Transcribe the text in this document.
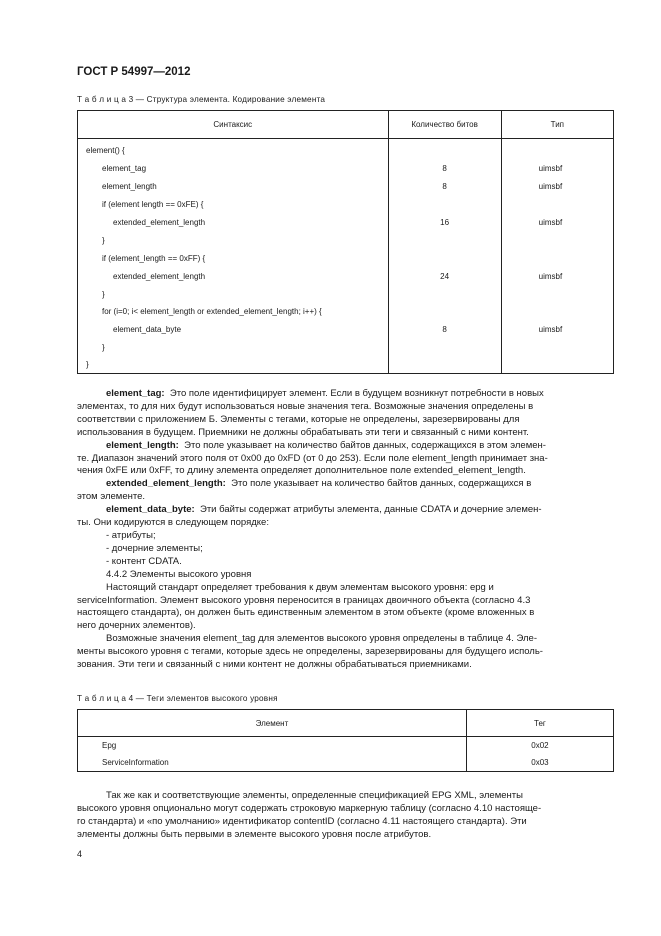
ГОСТ Р 54997—2012
Т а б л и ц а 3 — Структура элемента. Кодирование элемента
Синтаксис	Количество битов	Тип
element() {		
element_tag	8	uimsbf
element_length	8	uimsbf
if (element length == 0xFE) {		
extended_element_length	16	uimsbf
}		
if (element_length == 0xFF) {		
extended_element_length	24	uimsbf
}		
for (i=0; i< element_length or extended_element_length; i++) {		
element_data_byte	8	uimsbf
}		
}		
element_tag: Это поле идентифицирует элемент. Если в будущем возникнут потребности в новых
элементах, то для них будут использоваться новые значения тега. Возможные значения определены в
соответствии с приложением Б. Элементы с тегами, которые не определены, зарезервированы для
использования в будущем. Приемники не должны обрабатывать эти теги и связанный с ними контент.
element_length: Это поле указывает на количество байтов данных, содержащихся в этом элемен-
те. Диапазон значений этого поля от 0x00 до 0xFD (от 0 до 253). Если поле element_length принимает зна-
чения 0xFE или 0xFF, то длину элемента определяет дополнительное поле extended_element_length.
extended_element_length: Это поле указывает на количество байтов данных, содержащихся в
этом элементе.
element_data_byte: Эти байты содержат атрибуты элемента, данные CDATA и дочерние элемен-
ты. Они кодируются в следующем порядке:
- атрибуты;
- дочерние элементы;
- контент CDATA.
4.4.2 Элементы высокого уровня
Настоящий стандарт определяет требования к двум элементам высокого уровня: epg и
serviceInformation. Элемент высокого уровня переносится в границах двоичного объекта (согласно 4.3
настоящего стандарта), он должен быть единственным элементом в этом объекте (кроме вложенных в
него дочерних элементов).
Возможные значения element_tag для элементов высокого уровня определены в таблице 4. Эле-
менты высокого уровня с тегами, которые здесь не определены, зарезервированы для будущего исполь-
зования. Эти теги и связанный с ними контент не должны обрабатываться приемниками.
Т а б л и ц а 4 — Теги элементов высокого уровня
Элемент	Тег
Epg	0x02
ServiceInformation	0x03
Так же как и соответствующие элементы, определенные спецификацией EPG XML, элементы
высокого уровня опционально могут содержать строковую маркерную таблицу (согласно 4.10 настояще-
го стандарта) и «по умолчанию» идентификатор contentID (согласно 4.11 настоящего стандарта). Эти
элементы должны быть первыми в элементе высокого уровня после атрибутов.
4
